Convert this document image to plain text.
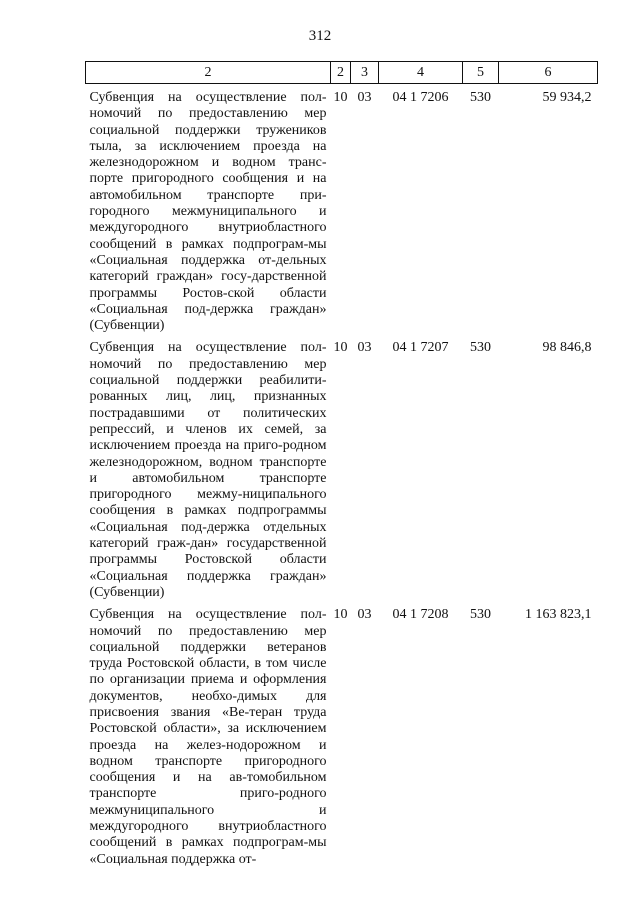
312
2	2	3	4	5	6
Субвенция на осуществление пол-номочий по предоставлению мер социальной поддержки тружеников тыла, за исключением проезда на железнодорожном и водном транс-порте пригородного сообщения и на автомобильном транспорте при-городного межмуниципального и междугородного внутриобластного сообщений в рамках подпрограм-мы «Социальная поддержка от-дельных категорий граждан» госу-дарственной программы Ростов-ской области «Социальная под-держка граждан» (Субвенции)	10	03	04 1 7206	530	59 934,2
Субвенция на осуществление пол-номочий по предоставлению мер социальной поддержки реабилити-рованных лиц, лиц, признанных пострадавшими от политических репрессий, и членов их семей, за исключением проезда на приго-родном железнодорожном, водном транспорте и автомобильном транспорте пригородного межму-ниципального сообщения в рамках подпрограммы «Социальная под-держка отдельных категорий граж-дан» государственной программы Ростовской области «Социальная поддержка граждан» (Субвенции)	10	03	04 1 7207	530	98 846,8
Субвенция на осуществление пол-номочий по предоставлению мер социальной поддержки ветеранов труда Ростовской области, в том числе по организации приема и оформления документов, необхо-димых для присвоения звания «Ве-теран труда Ростовской области», за исключением проезда на желез-нодорожном и водном транспорте пригородного сообщения и на ав-томобильном транспорте приго-родного межмуниципального и междугородного внутриобластного сообщений в рамках подпрограм-мы «Социальная поддержка от-	10	03	04 1 7208	530	1 163 823,1
